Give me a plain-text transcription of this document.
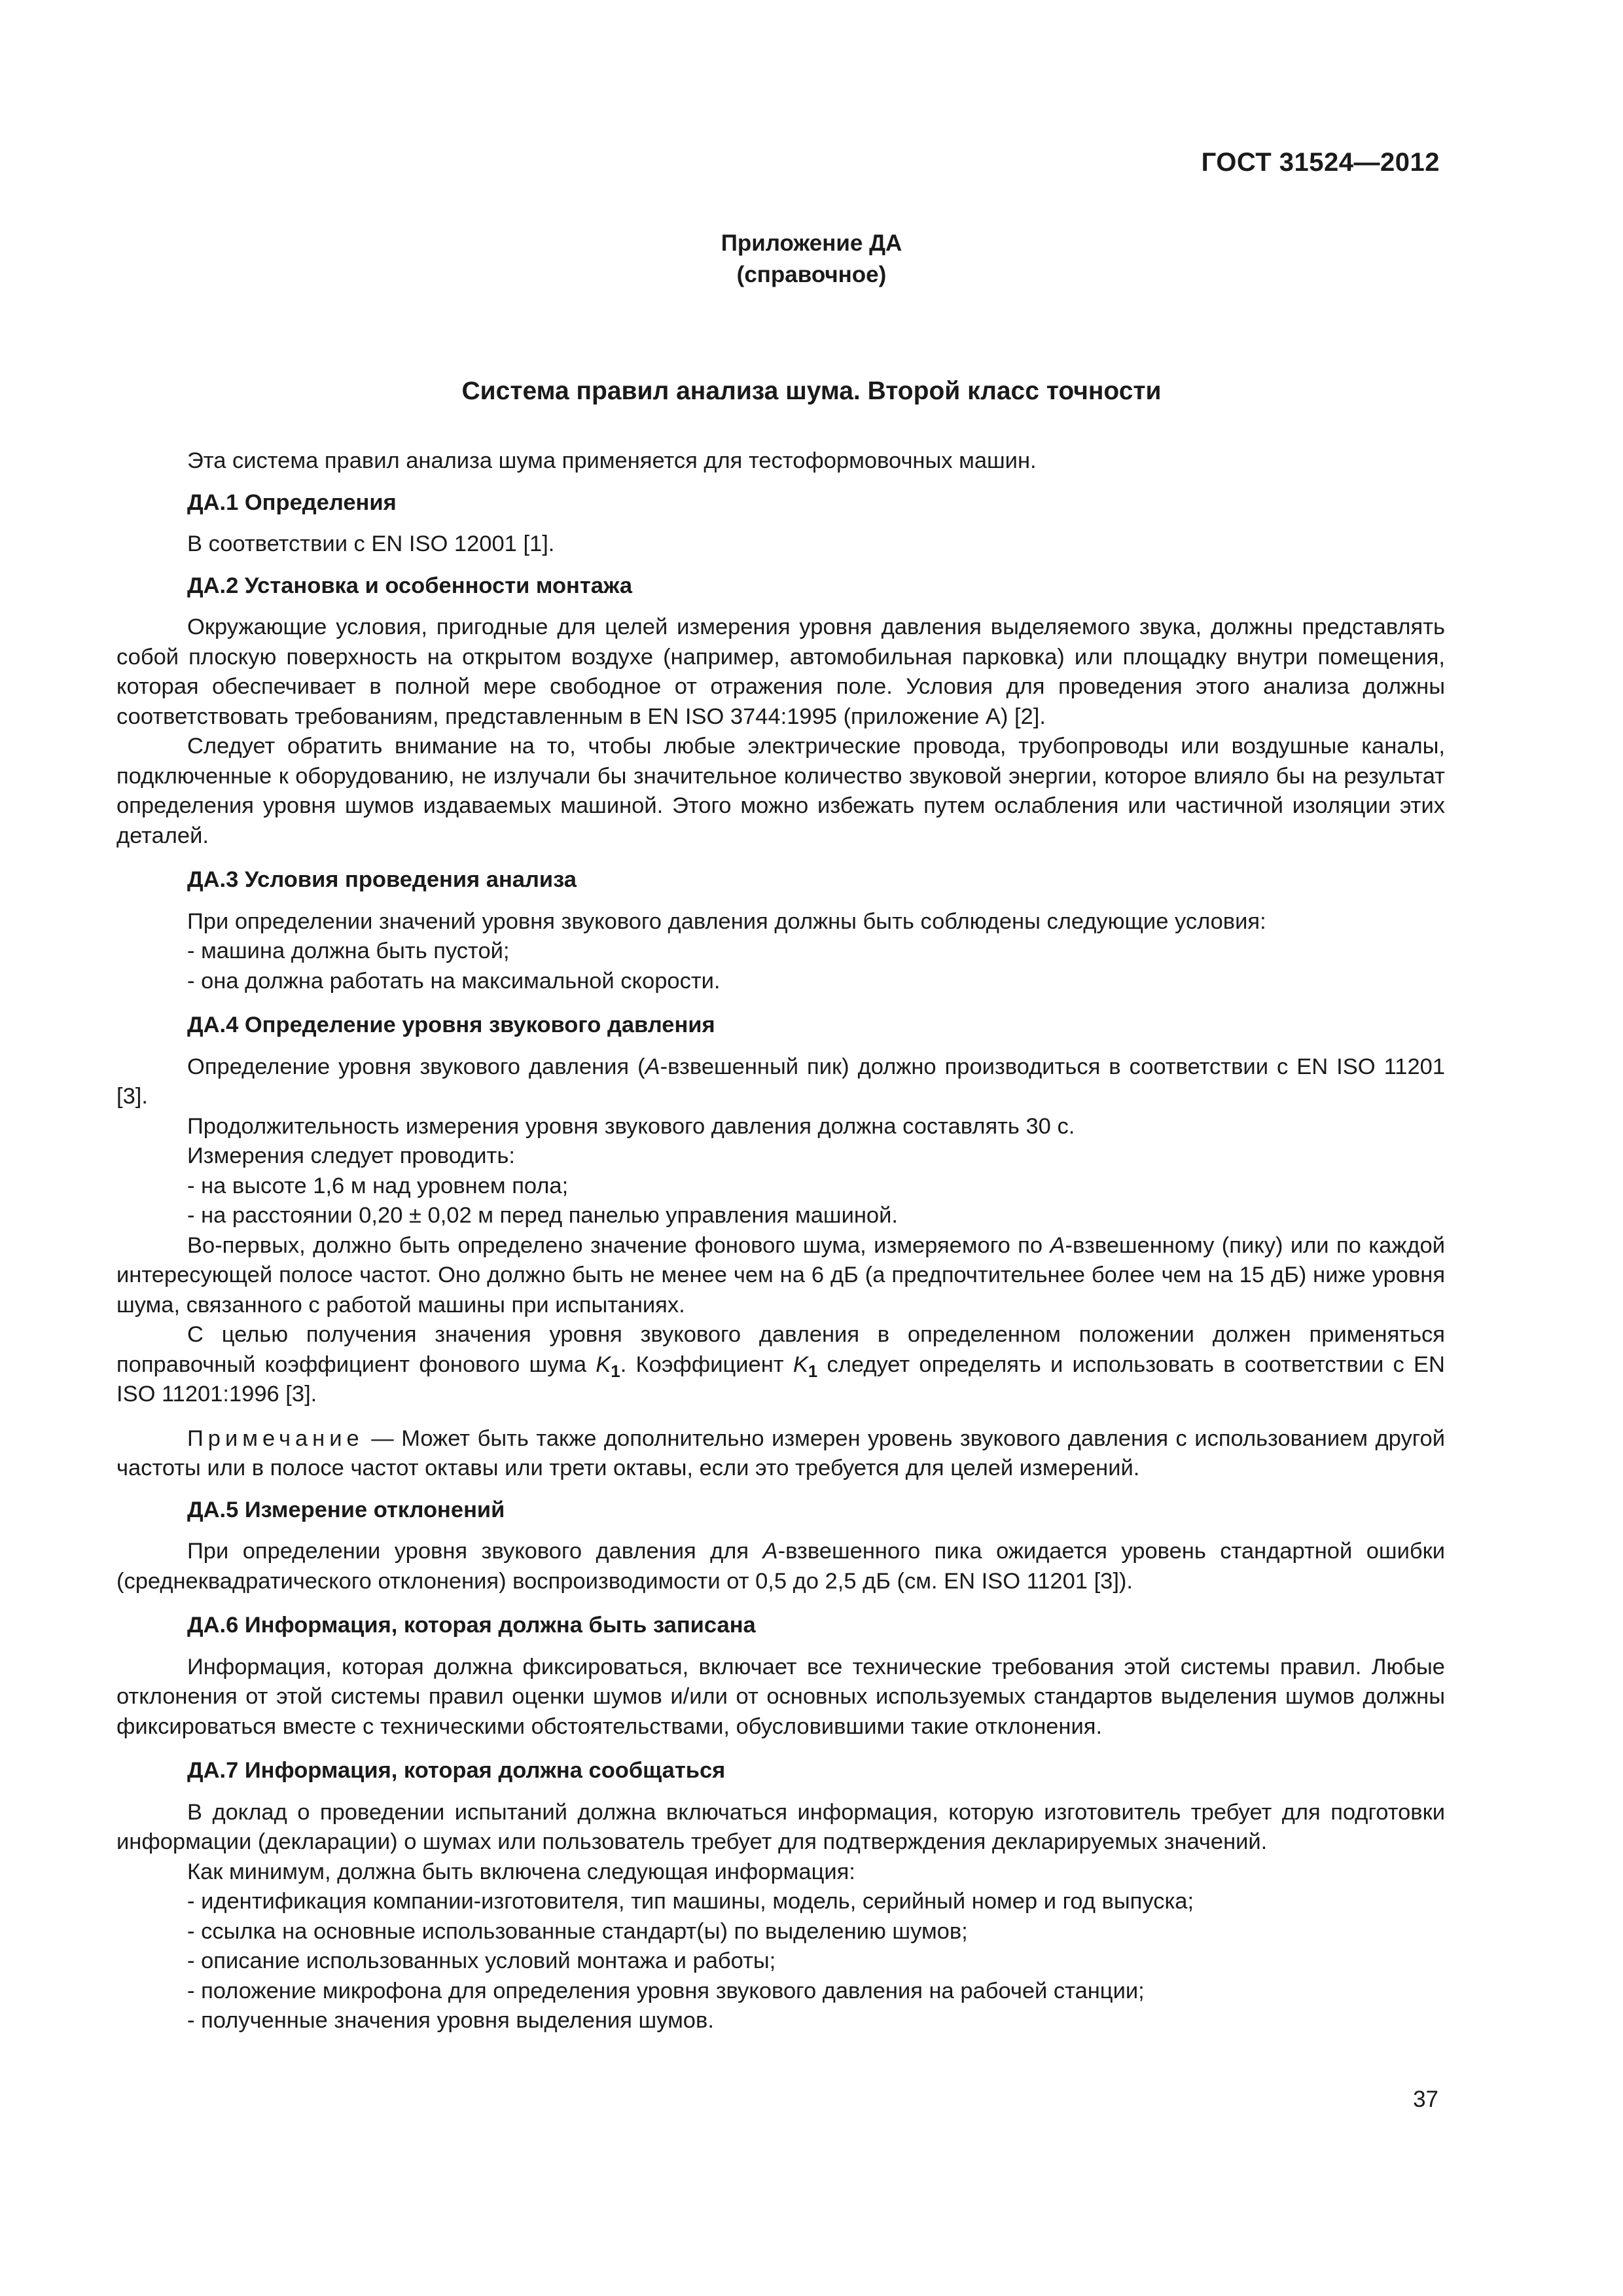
ГОСТ 31524—2012
Приложение ДА
(справочное)
Система правил анализа шума. Второй класс точности

Эта система правил анализа шума применяется для тестоформовочных машин.

ДА.1 Определения

В соответствии с EN ISO 12001 [1].

ДА.2 Установка и особенности монтажа

Окружающие условия, пригодные для целей измерения уровня давления выделяемого звука, должны представлять собой плоскую поверхность на открытом воздухе (например, автомобильная парковка) или площадку внутри помещения, которая обеспечивает в полной мере свободное от отражения поле. Условия для проведения этого анализа должны соответствовать требованиям, представленным в EN ISO 3744:1995 (приложение А) [2].

Следует обратить внимание на то, чтобы любые электрические провода, трубопроводы или воздушные каналы, подключенные к оборудованию, не излучали бы значительное количество звуковой энергии, которое влияло бы на результат определения уровня шумов издаваемых машиной. Этого можно избежать путем ослабления или частичной изоляции этих деталей.

ДА.3 Условия проведения анализа

При определении значений уровня звукового давления должны быть соблюдены следующие условия:

- машина должна быть пустой;

- она должна работать на максимальной скорости.

ДА.4 Определение уровня звукового давления

Определение уровня звукового давления (А-взвешенный пик) должно производиться в соответствии с EN ISO 11201 [3].

Продолжительность измерения уровня звукового давления должна составлять 30 с.

Измерения следует проводить:

- на высоте 1,6 м над уровнем пола;

- на расстоянии 0,20 ± 0,02 м перед панелью управления машиной.

Во-первых, должно быть определено значение фонового шума, измеряемого по А-взвешенному (пику) или по каждой интересующей полосе частот. Оно должно быть не менее чем на 6 дБ (а предпочтительнее более чем на 15 дБ) ниже уровня шума, связанного с работой машины при испытаниях.

С целью получения значения уровня звукового давления в определенном положении должен применяться поправочный коэффициент фонового шума $K_1$. Коэффициент $K_1$ следует определять и использовать в соответствии с EN ISO 11201:1996 [3].

Примечание — Может быть также дополнительно измерен уровень звукового давления с использованием другой частоты или в полосе частот октавы или трети октавы, если это требуется для целей измерений.

ДА.5 Измерение отклонений

При определении уровня звукового давления для А-взвешенного пика ожидается уровень стандартной ошибки (среднеквадратического отклонения) воспроизводимости от 0,5 до 2,5 дБ (см. EN ISO 11201 [3]).

ДА.6 Информация, которая должна быть записана

Информация, которая должна фиксироваться, включает все технические требования этой системы правил. Любые отклонения от этой системы правил оценки шумов и/или от основных используемых стандартов выделения шумов должны фиксироваться вместе с техническими обстоятельствами, обусловившими такие отклонения.

ДА.7 Информация, которая должна сообщаться

В доклад о проведении испытаний должна включаться информация, которую изготовитель требует для подготовки информации (декларации) о шумах или пользователь требует для подтверждения декларируемых значений.

Как минимум, должна быть включена следующая информация:

- идентификация компании-изготовителя, тип машины, модель, серийный номер и год выпуска;

- ссылка на основные использованные стандарт(ы) по выделению шумов;

- описание использованных условий монтажа и работы;

- положение микрофона для определения уровня звукового давления на рабочей станции;

- полученные значения уровня выделения шумов.

37
